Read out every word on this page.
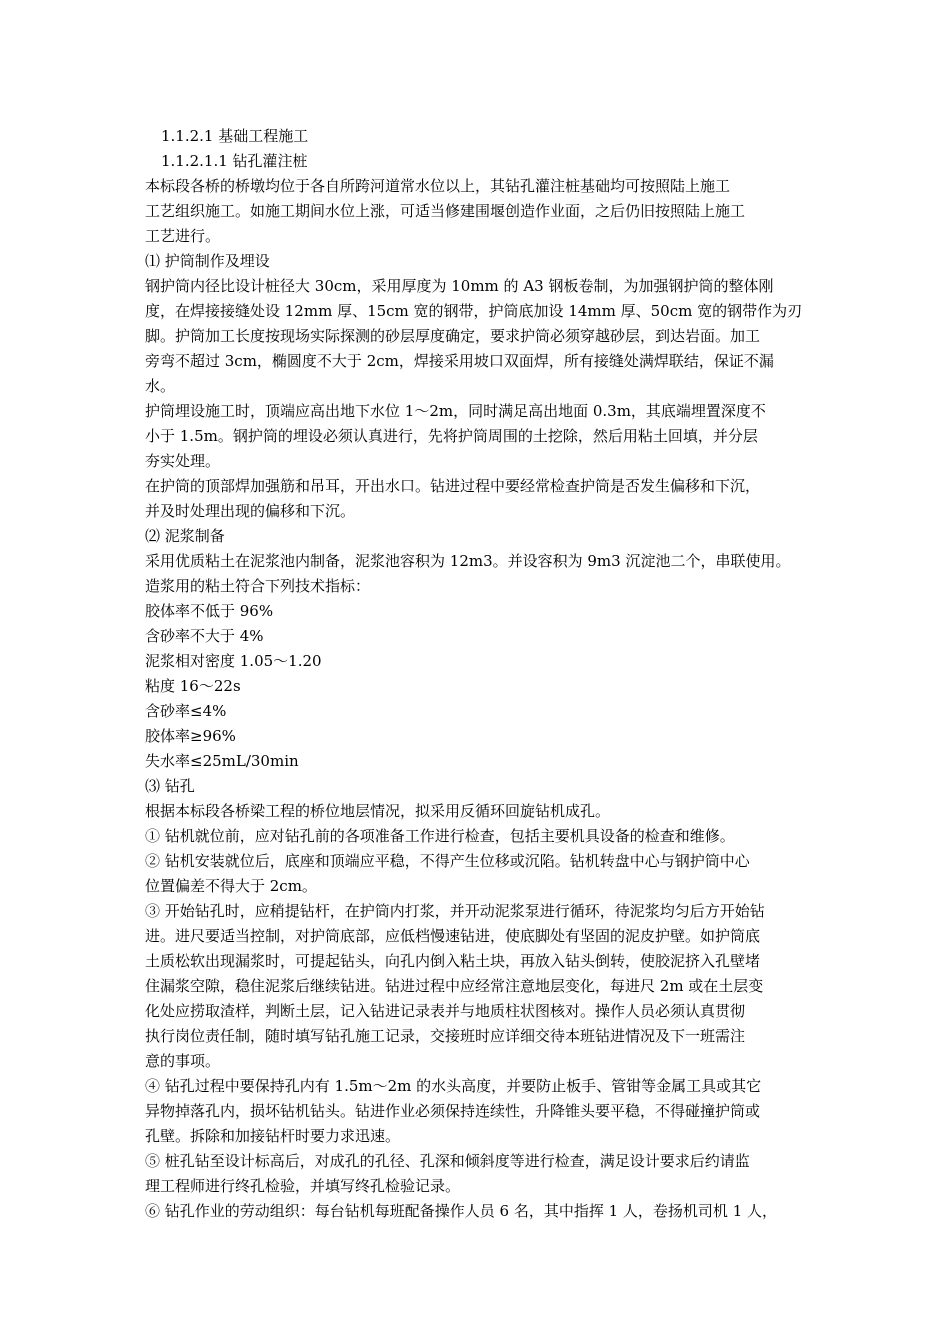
1.1.2.1 基础工程施工
1.1.2.1.1 钻孔灌注桩
本标段各桥的桥墩均位于各自所跨河道常水位以上，其钻孔灌注桩基础均可按照陆上施工
工艺组织施工。如施工期间水位上涨，可适当修建围堰创造作业面，之后仍旧按照陆上施工
工艺进行。
⑴ 护筒制作及埋设
钢护筒内径比设计桩径大 30cm，采用厚度为 10mm 的 A3 钢板卷制，为加强钢护筒的整体刚
度，在焊接接缝处设 12mm 厚、15cm 宽的钢带，护筒底加设 14mm 厚、50cm 宽的钢带作为刃
脚。护筒加工长度按现场实际探测的砂层厚度确定，要求护筒必须穿越砂层，到达岩面。加工
旁弯不超过 3cm，椭圆度不大于 2cm，焊接采用坡口双面焊，所有接缝处满焊联结，保证不漏
水。
护筒埋设施工时，顶端应高出地下水位 1～2m，同时满足高出地面 0.3m，其底端埋置深度不
小于 1.5m。钢护筒的埋设必须认真进行，先将护筒周围的土挖除，然后用粘土回填，并分层
夯实处理。
在护筒的顶部焊加强筋和吊耳，开出水口。钻进过程中要经常检查护筒是否发生偏移和下沉，
并及时处理出现的偏移和下沉。
⑵ 泥浆制备
采用优质粘土在泥浆池内制备，泥浆池容积为 12m3。并设容积为 9m3 沉淀池二个，串联使用。
造浆用的粘土符合下列技术指标：
胶体率不低于 96%
含砂率不大于 4%
泥浆相对密度 1.05～1.20
粘度 16～22s
含砂率≤4%
胶体率≥96%
失水率≤25mL/30min
⑶ 钻孔
根据本标段各桥梁工程的桥位地层情况，拟采用反循环回旋钻机成孔。
① 钻机就位前，应对钻孔前的各项准备工作进行检查，包括主要机具设备的检查和维修。
② 钻机安装就位后，底座和顶端应平稳，不得产生位移或沉陷。钻机转盘中心与钢护筒中心
位置偏差不得大于 2cm。
③ 开始钻孔时，应稍提钻杆，在护筒内打浆，并开动泥浆泵进行循环，待泥浆均匀后方开始钻
进。进尺要适当控制，对护筒底部，应低档慢速钻进，使底脚处有坚固的泥皮护壁。如护筒底
土质松软出现漏浆时，可提起钻头，向孔内倒入粘土块，再放入钻头倒转，使胶泥挤入孔壁堵
住漏浆空隙，稳住泥浆后继续钻进。钻进过程中应经常注意地层变化，每进尺 2m 或在土层变
化处应捞取渣样，判断土层，记入钻进记录表并与地质柱状图核对。操作人员必须认真贯彻
执行岗位责任制，随时填写钻孔施工记录，交接班时应详细交待本班钻进情况及下一班需注
意的事项。
④ 钻孔过程中要保持孔内有 1.5m～2m 的水头高度，并要防止板手、管钳等金属工具或其它
异物掉落孔内，损坏钻机钻头。钻进作业必须保持连续性，升降锥头要平稳，不得碰撞护筒或
孔壁。拆除和加接钻杆时要力求迅速。
⑤ 桩孔钻至设计标高后，对成孔的孔径、孔深和倾斜度等进行检查，满足设计要求后约请监
理工程师进行终孔检验，并填写终孔检验记录。
⑥ 钻孔作业的劳动组织：每台钻机每班配备操作人员 6 名，其中指挥 1 人，卷扬机司机 1 人，
